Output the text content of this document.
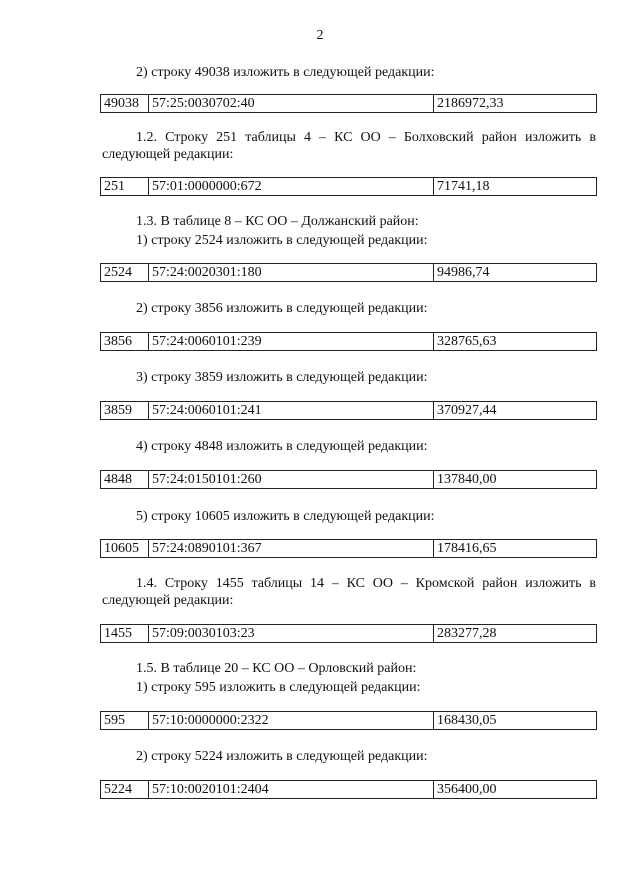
2
2) строку 49038 изложить в следующей редакции:
49038	57:25:0030702:40	2186972,33
1.2. Строку 251 таблицы 4 – КС ОО – Болховский район изложить в следующей редакции:
251	57:01:0000000:672	71741,18
1.3. В таблице 8 – КС ОО – Должанский район:
1) строку 2524 изложить в следующей редакции:
2524	57:24:0020301:180	94986,74
2) строку 3856 изложить в следующей редакции:
3856	57:24:0060101:239	328765,63
3) строку 3859 изложить в следующей редакции:
3859	57:24:0060101:241	370927,44
4) строку 4848 изложить в следующей редакции:
4848	57:24:0150101:260	137840,00
5) строку 10605 изложить в следующей редакции:
10605	57:24:0890101:367	178416,65
1.4. Строку 1455 таблицы 14 – КС ОО – Кромской район изложить в следующей редакции:
1455	57:09:0030103:23	283277,28
1.5. В таблице 20 – КС ОО – Орловский район:
1) строку 595 изложить в следующей редакции:
595	57:10:0000000:2322	168430,05
2) строку 5224 изложить в следующей редакции:
5224	57:10:0020101:2404	356400,00
